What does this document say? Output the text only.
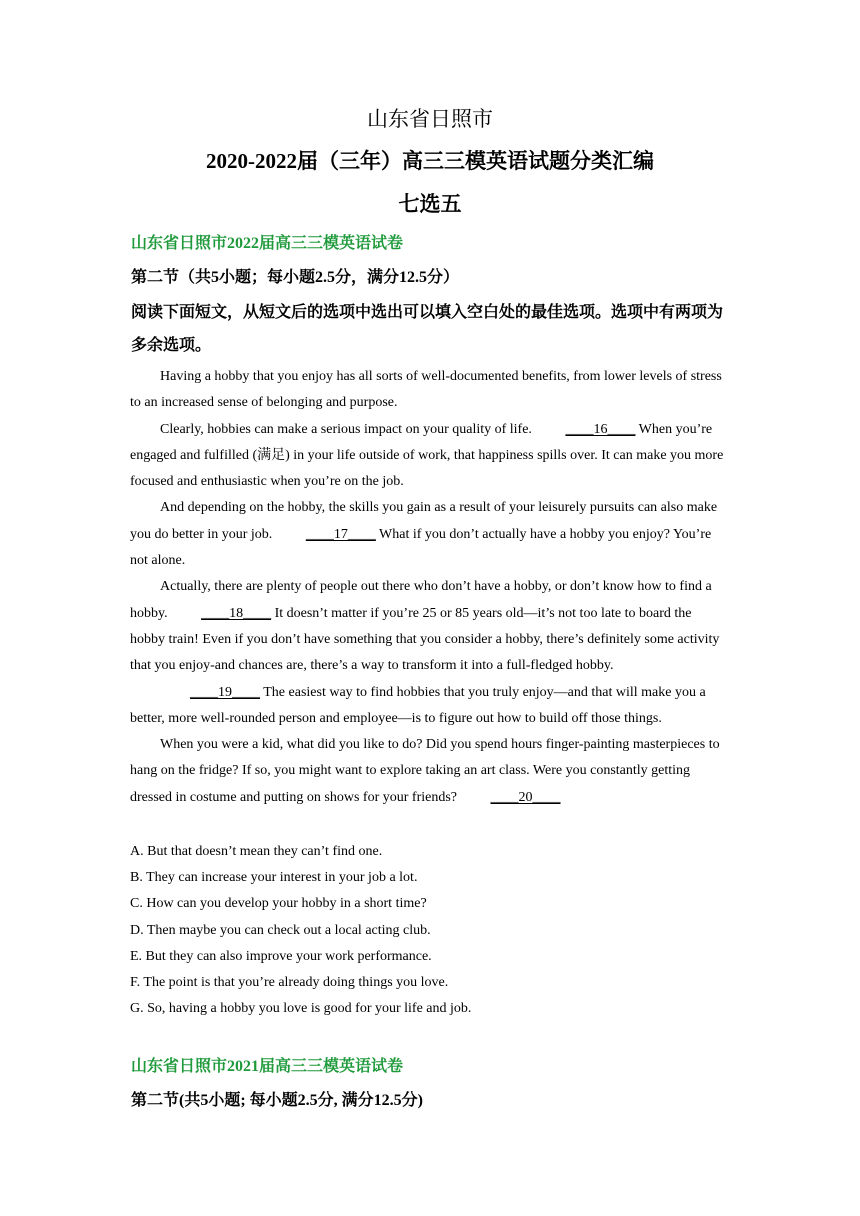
山东省日照市
2020-2022届（三年）高三三模英语试题分类汇编
七选五
山东省日照市2022届高三三模英语试卷
第二节（共5小题；每小题2.5分，满分12.5分）
阅读下面短文，从短文后的选项中选出可以填入空白处的最佳选项。选项中有两项为多余选项。

Having a hobby that you enjoy has all sorts of well-documented benefits, from lower levels of stress to an increased sense of belonging and purpose.

Clearly, hobbies can make a serious impact on your quality of life. ____16____ When you’re engaged and fulfilled (满足) in your life outside of work, that happiness spills over. It can make you more focused and enthusiastic when you’re on the job.

And depending on the hobby, the skills you gain as a result of your leisurely pursuits can also make you do better in your job. ____17____ What if you don’t actually have a hobby you enjoy? You’re not alone.

Actually, there are plenty of people out there who don’t have a hobby, or don’t know how to find a hobby. ____18____ It doesn’t matter if you’re 25 or 85 years old—it’s not too late to board the hobby train! Even if you don’t have something that you consider a hobby, there’s definitely some activity that you enjoy-and chances are, there’s a way to transform it into a full-fledged hobby.

____19____ The easiest way to find hobbies that you truly enjoy—and that will make you a better, more well-rounded person and employee—is to figure out how to build off those things.

When you were a kid, what did you like to do? Did you spend hours finger-painting masterpieces to hang on the fridge? If so, you might want to explore taking an art class. Were you constantly getting dressed in costume and putting on shows for your friends? ____20____

A. But that doesn’t mean they can’t find one.
B. They can increase your interest in your job a lot.
C. How can you develop your hobby in a short time?
D. Then maybe you can check out a local acting club.
E. But they can also improve your work performance.
F. The point is that you’re already doing things you love.
G. So, having a hobby you love is good for your life and job.
山东省日照市2021届高三三模英语试卷
第二节(共5小题; 每小题2.5分, 满分12.5分)
